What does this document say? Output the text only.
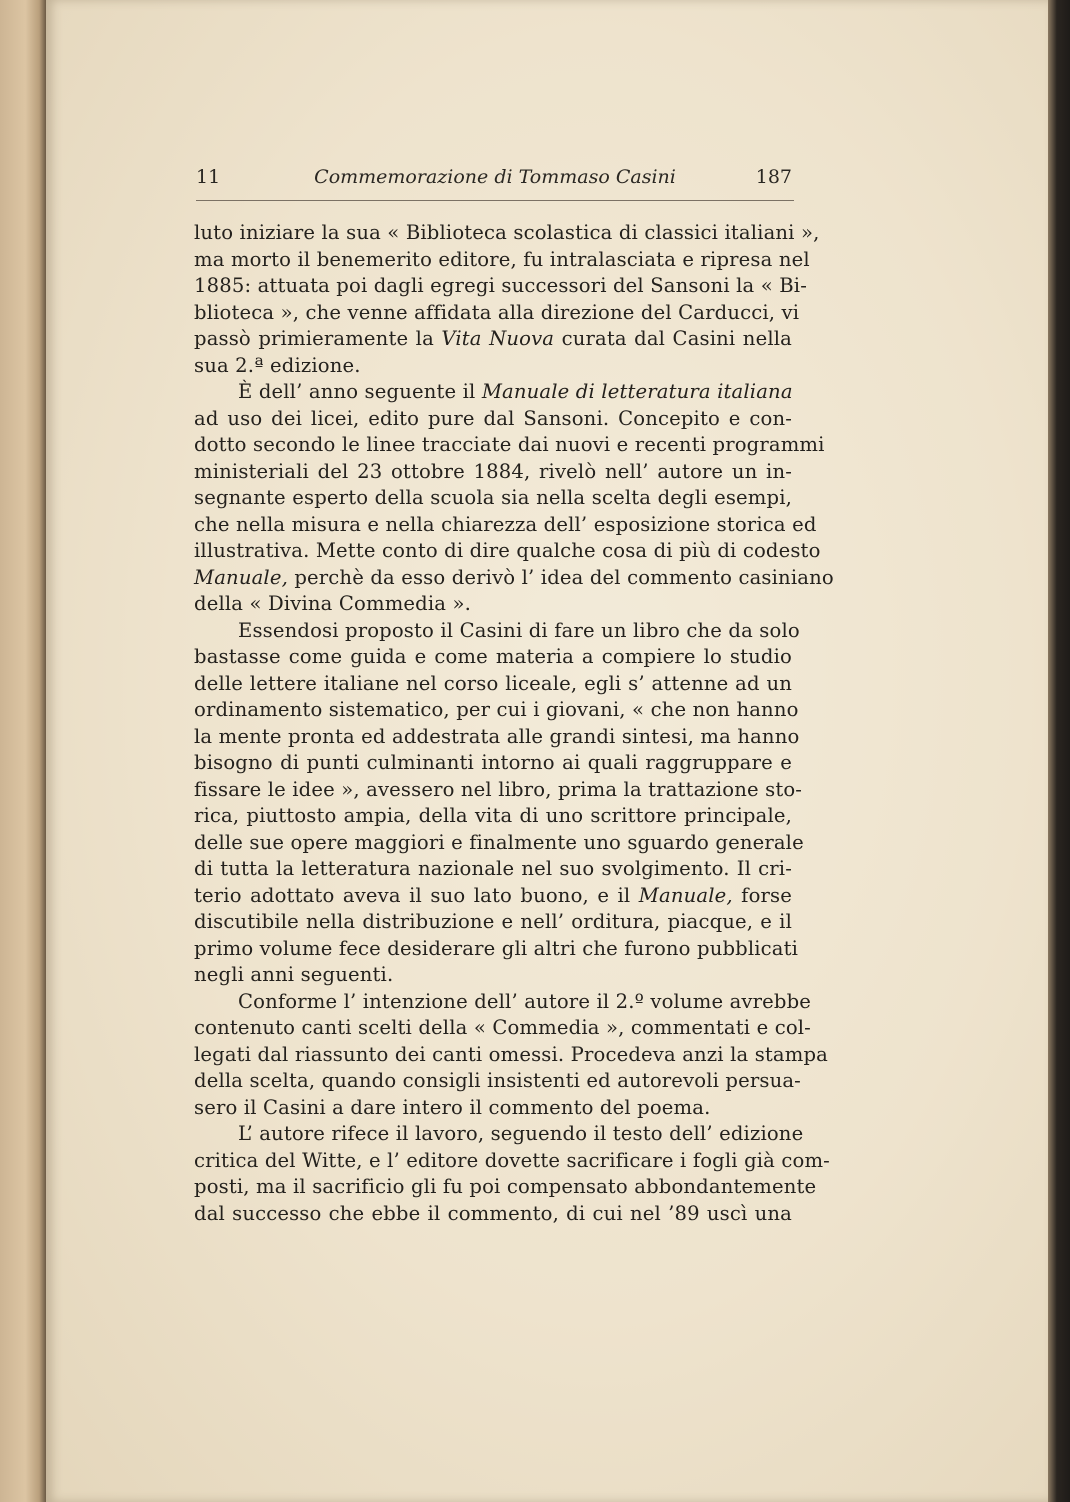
11	Commemorazione di Tommaso Casini	187
luto iniziare la sua « Biblioteca scolastica di classici italiani »,
ma morto il benemerito editore, fu intralasciata e ripresa nel
1885: attuata poi dagli egregi successori del Sansoni la « Bi-
blioteca », che venne affidata alla direzione del Carducci, vi
passò primieramente la Vita Nuova curata dal Casini nella
sua 2.ª edizione.
È dell’ anno seguente il Manuale di letteratura italiana
ad uso dei licei, edito pure dal Sansoni. Concepito e con-
dotto secondo le linee tracciate dai nuovi e recenti programmi
ministeriali del 23 ottobre 1884, rivelò nell’ autore un in-
segnante esperto della scuola sia nella scelta degli esempi,
che nella misura e nella chiarezza dell’ esposizione storica ed
illustrativa. Mette conto di dire qualche cosa di più di codesto
Manuale, perchè da esso derivò l’ idea del commento casiniano
della « Divina Commedia ».
Essendosi proposto il Casini di fare un libro che da solo
bastasse come guida e come materia a compiere lo studio
delle lettere italiane nel corso liceale, egli s’ attenne ad un
ordinamento sistematico, per cui i giovani, « che non hanno
la mente pronta ed addestrata alle grandi sintesi, ma hanno
bisogno di punti culminanti intorno ai quali raggruppare e
fissare le idee », avessero nel libro, prima la trattazione sto-
rica, piuttosto ampia, della vita di uno scrittore principale,
delle sue opere maggiori e finalmente uno sguardo generale
di tutta la letteratura nazionale nel suo svolgimento. Il cri-
terio adottato aveva il suo lato buono, e il Manuale, forse
discutibile nella distribuzione e nell’ orditura, piacque, e il
primo volume fece desiderare gli altri che furono pubblicati
negli anni seguenti.
Conforme l’ intenzione dell’ autore il 2.º volume avrebbe
contenuto canti scelti della « Commedia », commentati e col-
legati dal riassunto dei canti omessi. Procedeva anzi la stampa
della scelta, quando consigli insistenti ed autorevoli persua-
sero il Casini a dare intero il commento del poema.
L’ autore rifece il lavoro, seguendo il testo dell’ edizione
critica del Witte, e l’ editore dovette sacrificare i fogli già com-
posti, ma il sacrificio gli fu poi compensato abbondantemente
dal successo che ebbe il commento, di cui nel ’89 uscì una
